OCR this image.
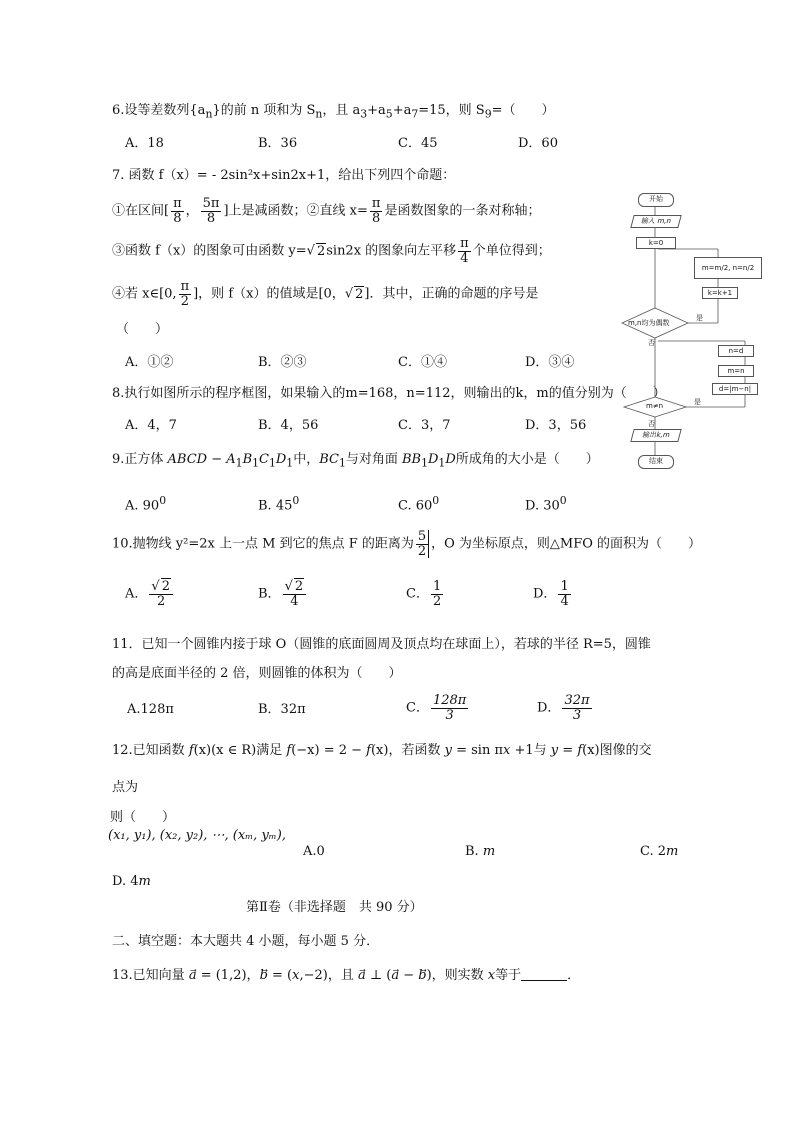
6.设等差数列$\{a_n\}$的前 n 项和为 $S_n$，且 $a_3+a_5+a_7=15$，则 $S_9=$（　　）
A．18	B．36	C．45	D．60
7. 函数 f（x）= - 2sin²x+sin2x+1，给出下列四个命题：
①在区间[ $\frac{\pi}{8}$ ， $\frac{5\pi}{8}$ ]上是减函数；②直线 $x= \frac{\pi}{8}$ 是函数图象的一条对称轴；
③函数 f（x）的图象可由函数 y=√ 2sin2x 的图象向左平移 $\frac{\pi}{4}$ 个单位得到；
④若 x∈[0, $\frac{\pi}{2}$ ]，则 f（x）的值域是[0，√ 2]．其中，正确的命题的序号是
（　　）
A．①②	B．②③	C．①④	D．③④
8.执行如图所示的程序框图，如果输入的m=168，n=112，则输出的k，m的值分别为（　　）
A．4，7	B．4，56	C．3，7	D．3，56
9.正方体 ABCD − $A_1B_1C_1D_1$中，$BC_1$与对角面 $BB_1D_1D$所成角的大小是（　　）
A. $90^0$	B. $45^0$	C. $60^0$	D. $30^0$
10.抛物线 y²=2x 上一点 M 到它的焦点 F 的距离为 $\frac{5}{2}$ ，O 为坐标原点，则△MFO 的面积为（　　）
A． $\frac{√ 2}{2}$	B． $\frac{√ 2}{4}$	C． $\frac{1}{2}$	D． $\frac{1}{4}$
11．已知一个圆锥内接于球 O（圆锥的底面圆周及顶点均在球面上），若球的半径 R=5，圆锥
的高是底面半径的 2 倍，则圆锥的体积为（　　）
A.128π	B．32π	C． $\frac{128\pi}{3}$	D． $\frac{32\pi}{3}$
12.已知函数 f(x)(x ∈ R)满足 f(−x) = 2 − f(x)，若函数 y = sin πx +1与 y = f(x)图像的交
点为
则（　　）
(x₁, y₁), (x₂, y₂), ⋯, (xₘ, yₘ),
A.0	B. m	C. 2m
D. 4m
第Ⅱ卷（非选择题　共 90 分）
二、填空题：本大题共 4 小题，每小题 5 分．
13.已知向量 a = (1,2)，b = (x,−2)，且 a ⊥ (a − b)，则实数 x等于	．
开始
输入 m,n
k=0
m=m/2, n=n/2
k=k+1
m,n均为偶数
是
否
n=d
m=n
d=|m−n|
m≠n	是
否
输出k,m
结束
